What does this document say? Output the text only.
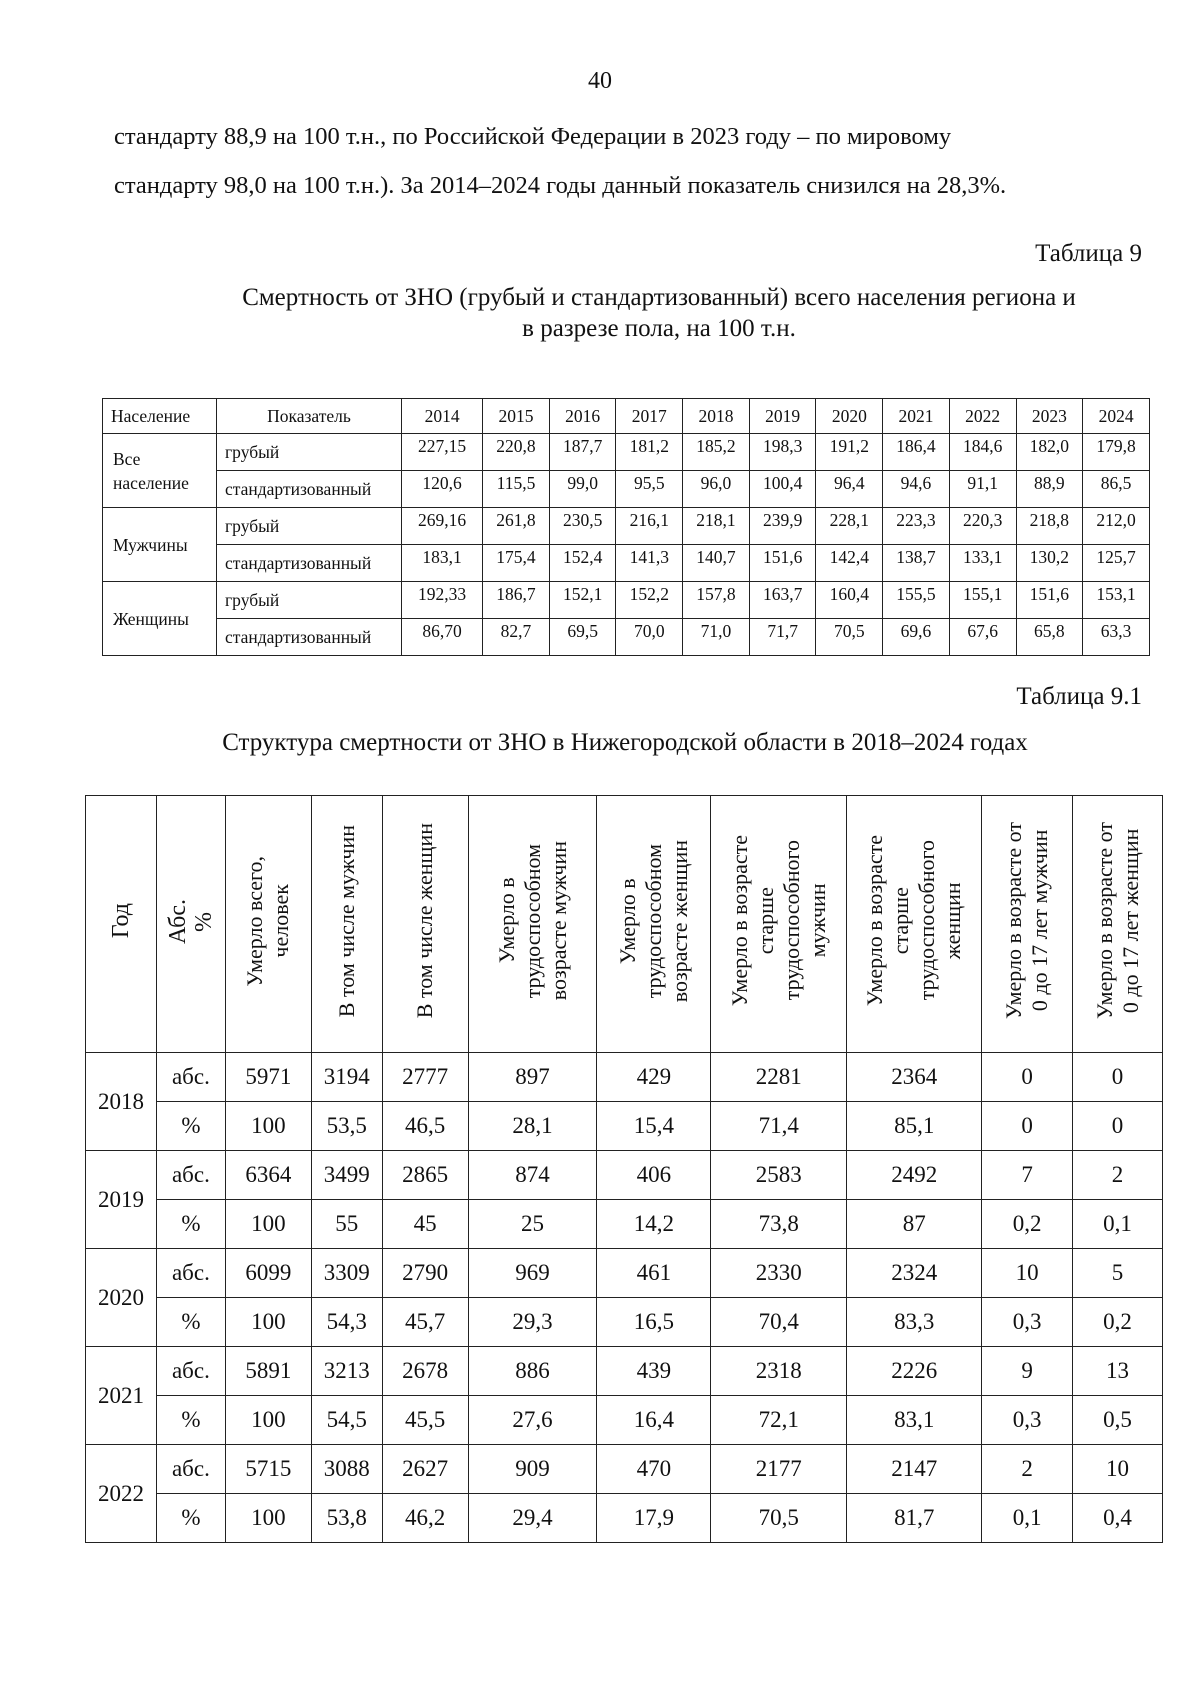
40

стандарту 88,9 на 100 т.н., по Российской Федерации в 2023 году – по мировому

стандарту 98,0 на 100 т.н.). За 2014–2024 годы данный показатель снизился на 28,3%.

Таблица 9
Смертность от ЗНО (грубый и стандартизованный) всего населения региона и
в разрезе пола, на 100 т.н.
Население	Показатель	2014	2015	2016	2017	2018	2019	2020	2021	2022	2023	2024

Все
население	грубый	227,15	220,8	187,7	181,2	185,2	198,3	191,2	186,4	184,6	182,0	179,8
	стандартизованный	120,6	115,5	99,0	95,5	96,0	100,4	96,4	94,6	91,1	88,9	86,5

Мужчины	грубый	269,16	261,8	230,5	216,1	218,1	239,9	228,1	223,3	220,3	218,8	212,0
	стандартизованный	183,1	175,4	152,4	141,3	140,7	151,6	142,4	138,7	133,1	130,2	125,7

Женщины	грубый	192,33	186,7	152,1	152,2	157,8	163,7	160,4	155,5	155,1	151,6	153,1
	стандартизованный	86,70	82,7	69,5	70,0	71,0	71,7	70,5	69,6	67,6	65,8	63,3
Таблица 9.1
Структура смертности от ЗНО в Нижегородской области в 2018–2024 годах
Год	Абс. %	Умерло всего, человек	В том числе мужчин	В том числе женщин	Умерло в трудоспособном возрасте мужчин	Умерло в трудоспособном возрасте женщин	Умерло в возрасте старше трудоспособного мужчин	Умерло в возрасте старше трудоспособного женщин	Умерло в возрасте от 0 до 17 лет мужчин	Умерло в возрасте от 0 до 17 лет женщин

2018	абс.	5971	3194	2777	897	429	2281	2364	0	0
	%	100	53,5	46,5	28,1	15,4	71,4	85,1	0	0
2019	абс.	6364	3499	2865	874	406	2583	2492	7	2
	%	100	55	45	25	14,2	73,8	87	0,2	0,1
2020	абс.	6099	3309	2790	969	461	2330	2324	10	5
	%	100	54,3	45,7	29,3	16,5	70,4	83,3	0,3	0,2
2021	абс.	5891	3213	2678	886	439	2318	2226	9	13
	%	100	54,5	45,5	27,6	16,4	72,1	83,1	0,3	0,5
2022	абс.	5715	3088	2627	909	470	2177	2147	2	10
	%	100	53,8	46,2	29,4	17,9	70,5	81,7	0,1	0,4
